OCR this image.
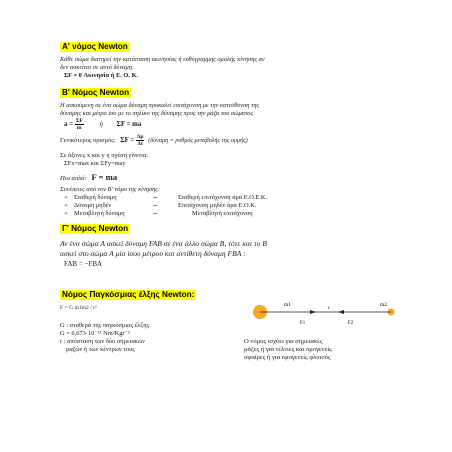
A' νόμος Newton
Κάθε σώμα διατηρεί την κατάσταση ακινησίας ή ευθύγραμμης ομαλής κίνησης αν
δεν ασκείται σε αυτό δύναμη.
ΣF = 0 Ακινησία ή Ε. Ο. Κ.
B' Νόμος Newton
Η ασκούμενη σε ένα σώμα δύναμη προκαλεί επιτάχυνση με την κατεύθυνση της
δύναμης και μέτρο ίσο με το πηλίκο της δύναμης προς την μάζα του σώματος
$a = \frac{\Sigma F}{m}$ ή ΣF = ma
Γενικότερος ορισμός: $\Sigma F = \frac{\Delta p}{\Delta t} (\delta ύ\nu\alpha\mu\eta = \rho\upsilon\theta\mu ό\varsigma$ μεταβολής της ορμής)
Σε άξονες x και y η σχέση γίνεται:
ΣFx=max και ΣFy=may
Πιο απλά: F = ma
Συνέπειες από τον Β' νόμο της κίνησης:
✧ Σταθερή δύναμη	⇔	Σταθερή επιτάχυνση άρα Ε.Ο.Ε.Κ.
✧ Δύναμη μηδέν	⇔	Επιτάχυνση μηδέν άρα Ε.Ο.Κ.
✧ Μεταβλητή δύναμη	⇔	Μεταβλητή επιτάχυνση
Γ' Νόμος Newton
Αν ένα σώμα Α ασκεί δύναμη FAB σε ένα άλλο σώμα Β, τότε και το Β
ασκεί στο σώμα Α μία ίσου μέτρου και αντίθετη δύναμη FBA :
FAB = −FBA
Νόμος Παγκόσμιας έλξης Newton:
F = G m1m2 / r²
G : σταθερά της παγκόσμιας έλξης
G = 6,673·10⁻¹¹ Nm²Kgr⁻²
r : απόσταση των δύο σημειακών
μαζών ή των κέντρων τους
m1	m2
r
F1	F2
Ο νόμος ισχύει για σημειακές
μάζες ή για τέλειες και ομογενείς
σφαίρες ή για ομογενείς φλοιούς
